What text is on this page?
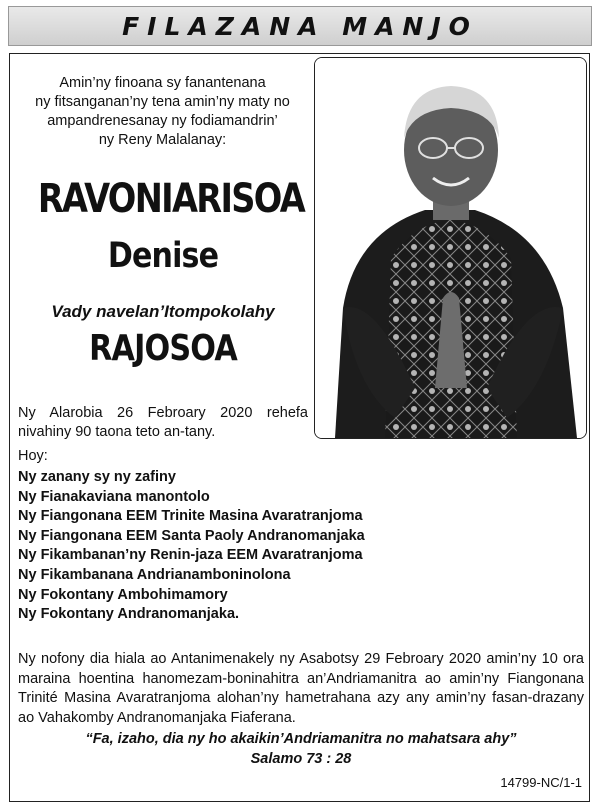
FILAZANA MANJO
Amin’ny finoana sy fanantenana
ny fitsanganan’ny tena amin’ny maty no
ampandrenesanay ny fodiamandrin’
ny Reny Malalanay:
RAVONIARISOA
Denise
Vady navelan’Itompokolahy
RAJOSOA
Ny Alarobia 26 Febroary 2020 rehefa nivahiny 90 taona teto an-tany.
Hoy:
Ny zanany sy ny zafiny
Ny Fianakaviana manontolo
Ny Fiangonana EEM Trinite Masina Avaratranjoma
Ny Fiangonana EEM Santa Paoly Andranomanjaka
Ny Fikambanan’ny Renin-jaza EEM Avaratranjoma
Ny Fikambanana Andrianamboninolona
Ny Fokontany Ambohimamory
Ny Fokontany Andranomanjaka.
Ny nofony dia hiala ao Antanimenakely ny Asabotsy 29 Febroary 2020 amin’ny 10 ora maraina hoentina hanomezam-boninahitra an’Andriamanitra ao amin’ny Fiangonana Trinité Masina Avaratranjoma alohan’ny hametrahana azy any amin’ny fasan-drazany ao Vahakomby Andranomanjaka Fiaferana.
“Fa, izaho, dia ny ho akaikin’Andriamanitra no mahatsara ahy”
Salamo 73 : 28
14799-NC/1-1
